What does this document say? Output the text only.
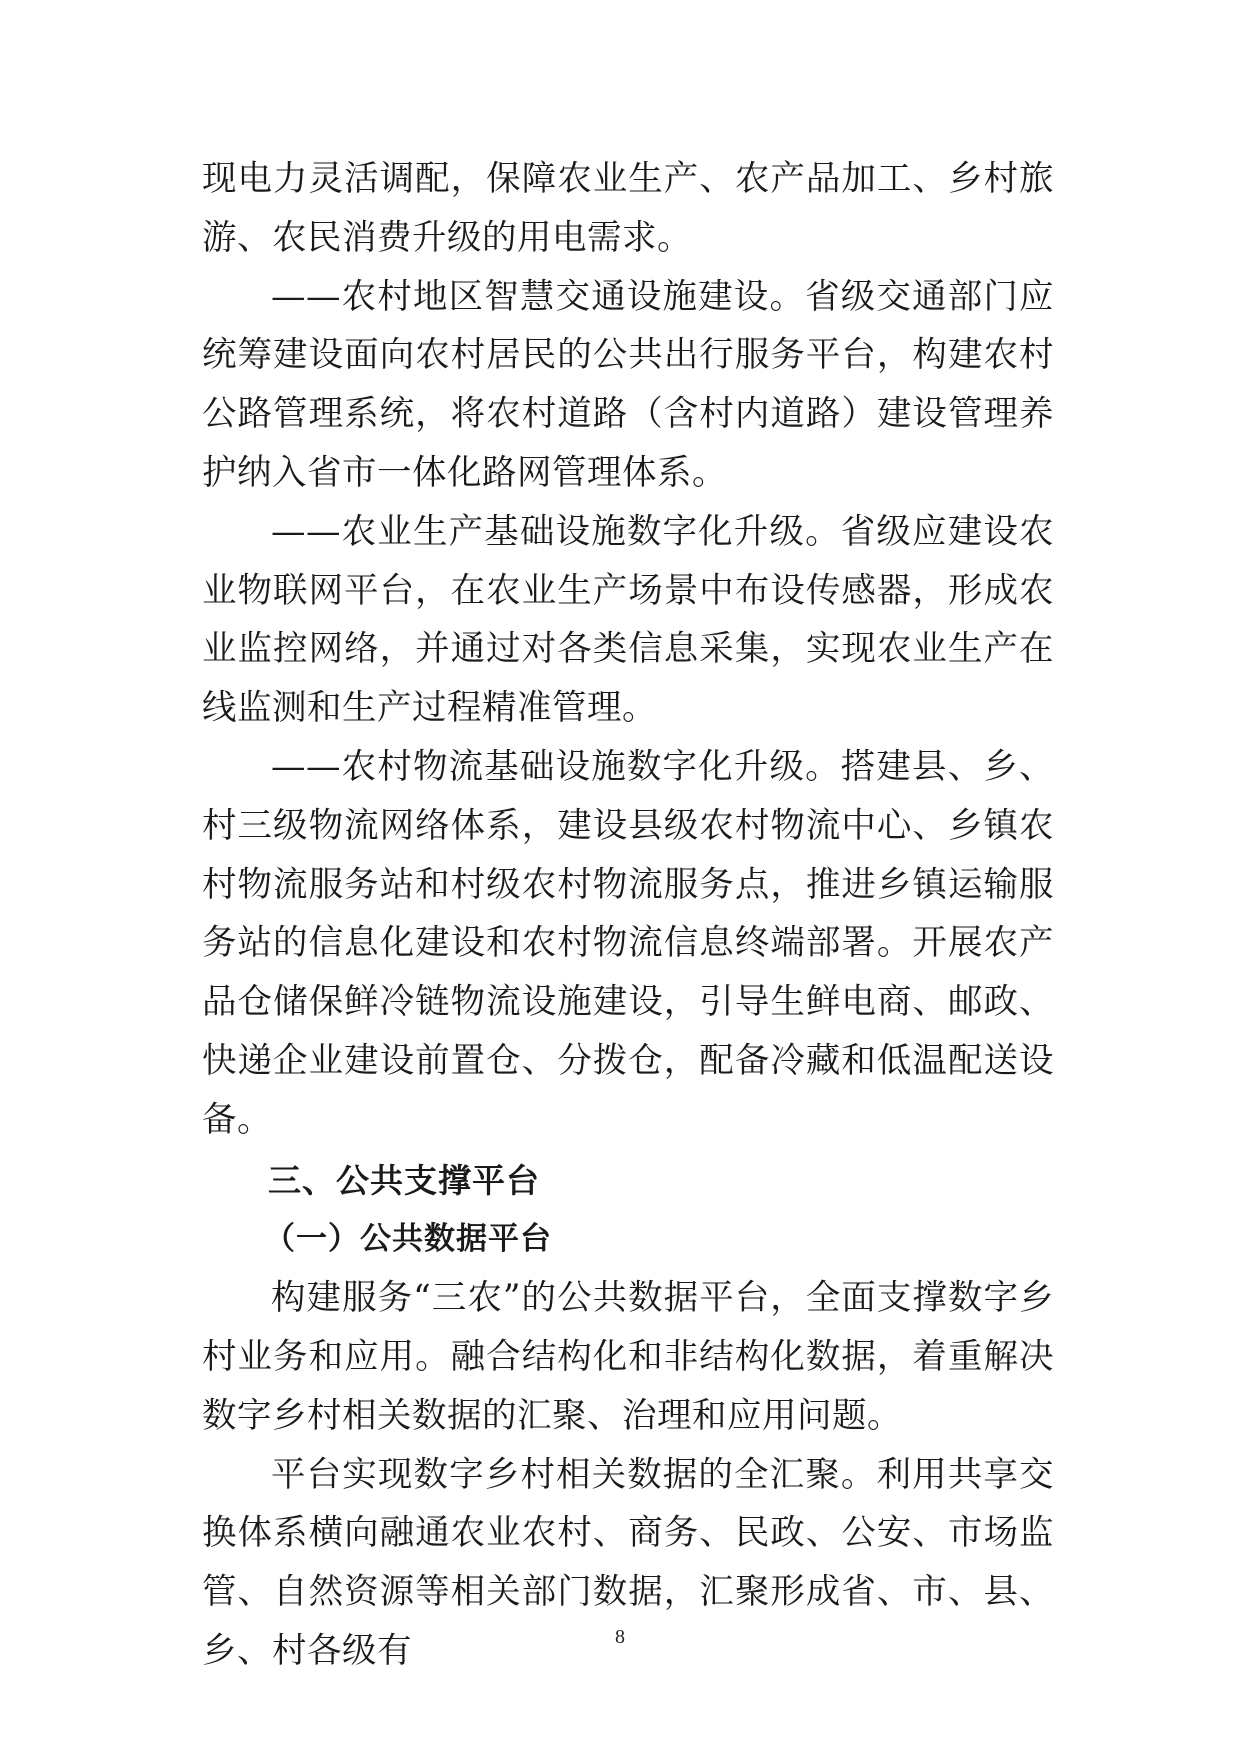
现电力灵活调配，保障农业生产、农产品加工、乡村旅游、农民消费升级的用电需求。

——农村地区智慧交通设施建设。省级交通部门应统筹建设面向农村居民的公共出行服务平台，构建农村公路管理系统，将农村道路（含村内道路）建设管理养护纳入省市一体化路网管理体系。

——农业生产基础设施数字化升级。省级应建设农业物联网平台，在农业生产场景中布设传感器，形成农业监控网络，并通过对各类信息采集，实现农业生产在线监测和生产过程精准管理。

——农村物流基础设施数字化升级。搭建县、乡、村三级物流网络体系，建设县级农村物流中心、乡镇农村物流服务站和村级农村物流服务点，推进乡镇运输服务站的信息化建设和农村物流信息终端部署。开展农产品仓储保鲜冷链物流设施建设，引导生鲜电商、邮政、快递企业建设前置仓、分拨仓，配备冷藏和低温配送设备。

三、公共支撑平台
（一）公共数据平台

构建服务“三农”的公共数据平台，全面支撑数字乡村业务和应用。融合结构化和非结构化数据，着重解决数字乡村相关数据的汇聚、治理和应用问题。

平台实现数字乡村相关数据的全汇聚。利用共享交换体系横向融通农业农村、商务、民政、公安、市场监管、自然资源等相关部门数据，汇聚形成省、市、县、乡、村各级有	8
